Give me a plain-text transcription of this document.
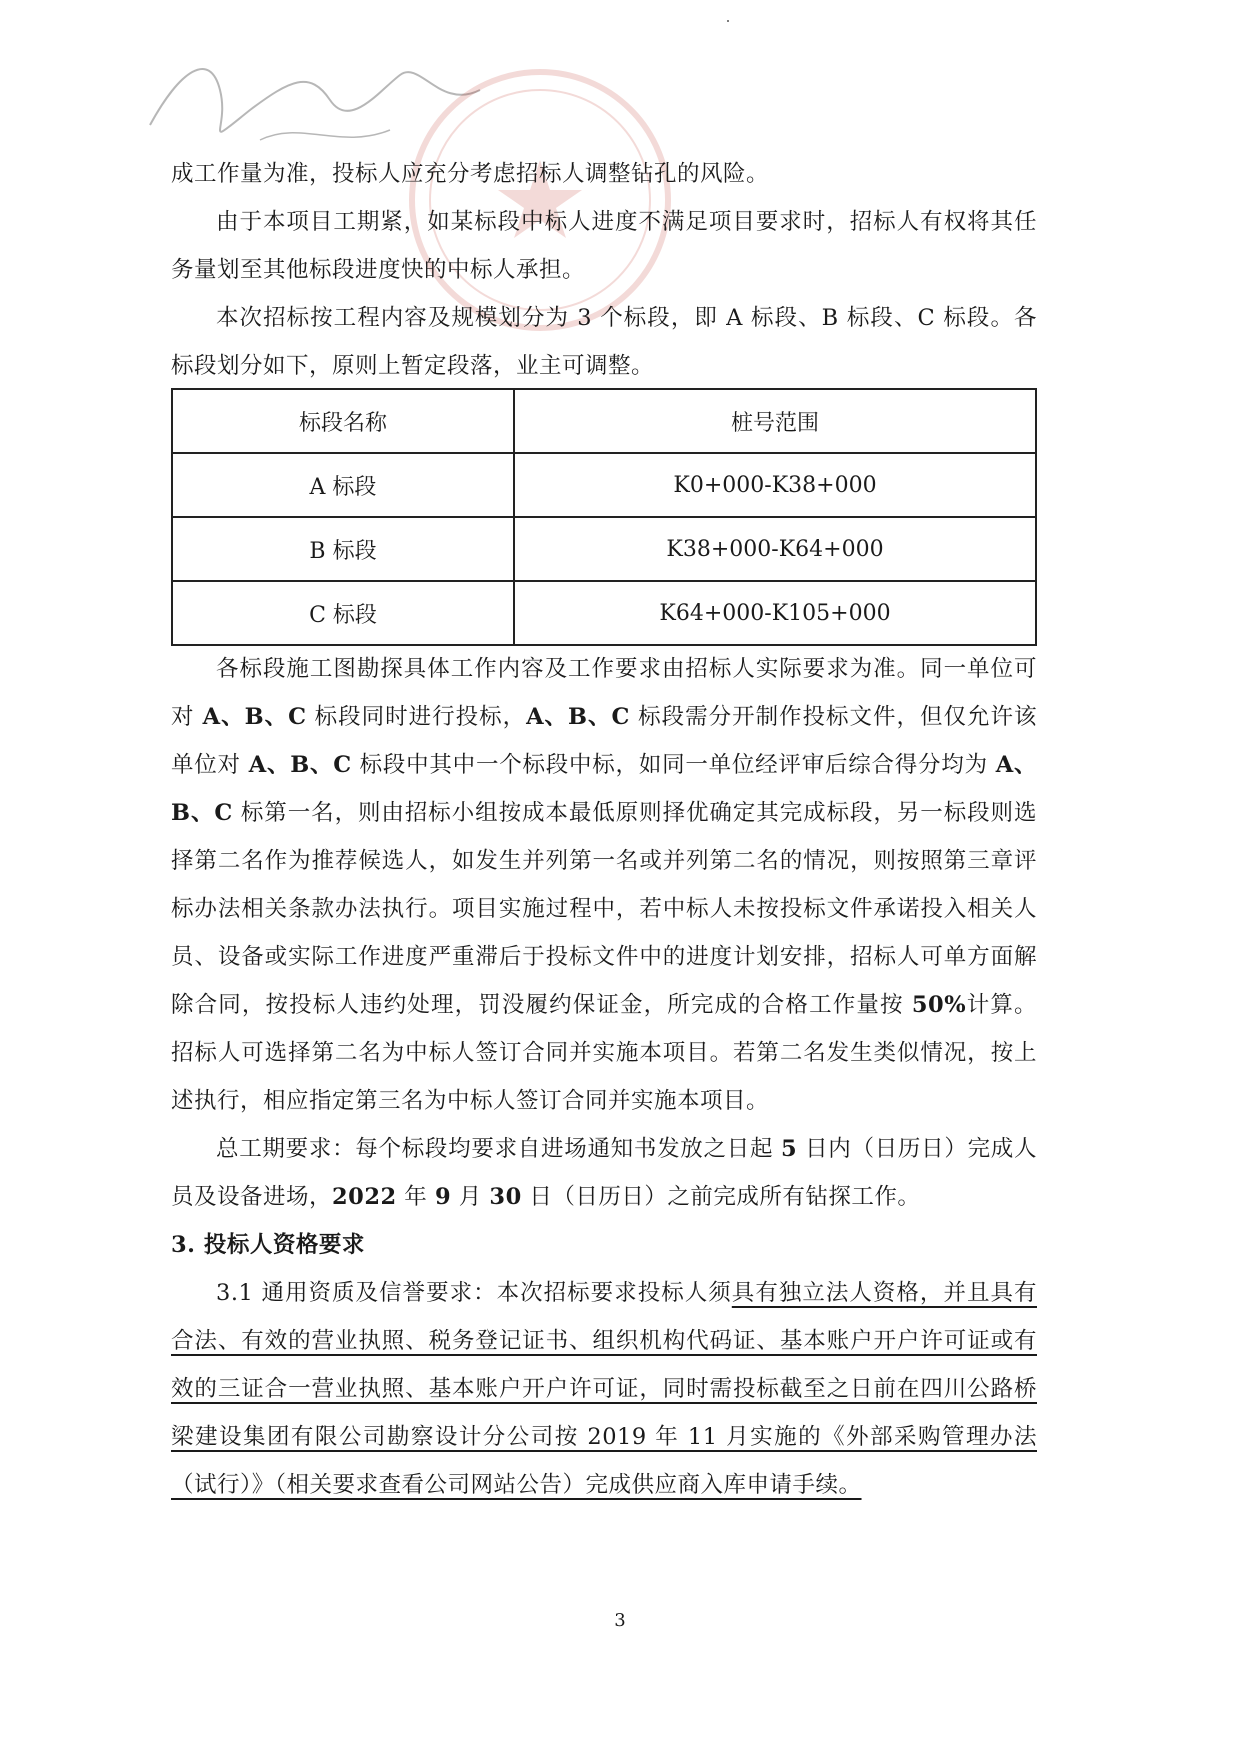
成工作量为准，投标人应充分考虑招标人调整钻孔的风险。

由于本项目工期紧，如某标段中标人进度不满足项目要求时，招标人有权将其任务量划至其他标段进度快的中标人承担。

本次招标按工程内容及规模划分为 3 个标段，即 A 标段、B 标段、C 标段。各标段划分如下，原则上暂定段落，业主可调整。

标段名称	桩号范围
A 标段	K0+000-K38+000
B 标段	K38+000-K64+000
C 标段	K64+000-K105+000

各标段施工图勘探具体工作内容及工作要求由招标人实际要求为准。同一单位可对 A、B、C 标段同时进行投标，A、B、C 标段需分开制作投标文件，但仅允许该单位对 A、B、C 标段中其中一个标段中标，如同一单位经评审后综合得分均为 A、B、C 标第一名，则由招标小组按成本最低原则择优确定其完成标段，另一标段则选择第二名作为推荐候选人，如发生并列第一名或并列第二名的情况，则按照第三章评标办法相关条款办法执行。项目实施过程中，若中标人未按投标文件承诺投入相关人员、设备或实际工作进度严重滞后于投标文件中的进度计划安排，招标人可单方面解除合同，按投标人违约处理，罚没履约保证金，所完成的合格工作量按 50%计算。招标人可选择第二名为中标人签订合同并实施本项目。若第二名发生类似情况，按上述执行，相应指定第三名为中标人签订合同并实施本项目。

总工期要求：每个标段均要求自进场通知书发放之日起 5 日内（日历日）完成人员及设备进场，2022 年 9 月 30 日（日历日）之前完成所有钻探工作。

3. 投标人资格要求

3.1 通用资质及信誉要求：本次招标要求投标人须具有独立法人资格，并且具有合法、有效的营业执照、税务登记证书、组织机构代码证、基本账户开户许可证或有效的三证合一营业执照、基本账户开户许可证，同时需投标截至之日前在四川公路桥梁建设集团有限公司勘察设计分公司按 2019 年 11 月实施的《外部采购管理办法（试行）》（相关要求查看公司网站公告）完成供应商入库申请手续。

3
